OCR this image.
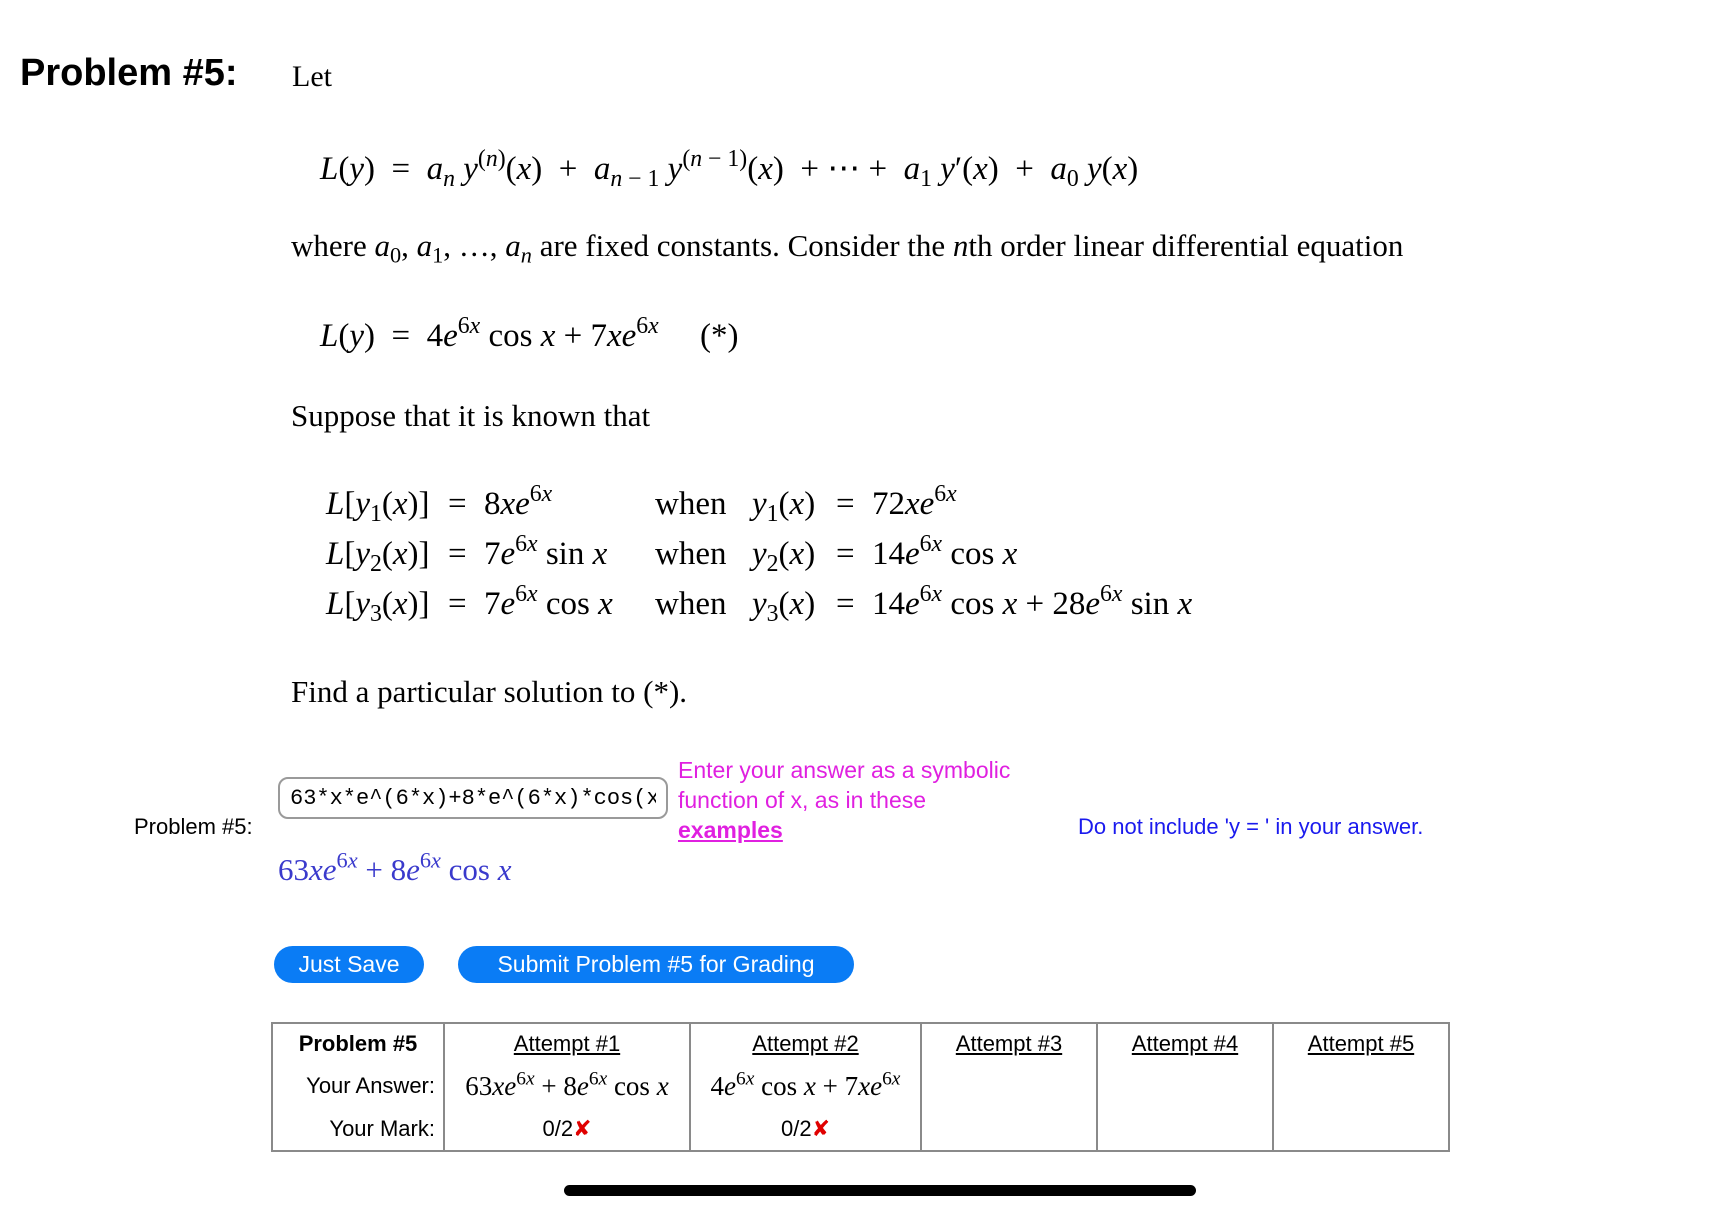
Problem #5: Let
$L(y) = a_n$ $y^{(n)}(x) + a_n$ $_{- 1}$ $y^{(n - 1)}(x)$  + ⋯ +  $a_1$ $y'(x) + a_0$ y(x)
where $a_0$, $a_1$, …, $a_n$ are fixed constants. Consider the nth order linear differential equation
$L(y) = 4e^{6x}$ $\cos x + 7xe^{6x}$ (*)
Suppose that it is known that
$L[y_1(x)] = 8xe^{6x}$	when $y_1(x) = 72xe^{6x}$
$L[y_2(x)] = 7e^{6x}$ sin x when $y_2(x) = 14e^{6x}$ cos x
$L[y_3(x)] = 7e^{6x}$ cos x when $y_3(x) = 14e^{6x}$ $\cos x + 28e^{6x}$ sin x
Find a particular solution to (*).
Problem #5:
63*x*e^(6*x)+8*e^(6*x)*cos(x)
Enter your answer as a symbolic
function of x, as in these
examples	Do not include 'y = ' in your answer.
$63xe^{6x} + 8e^{6x}$ cos x
Just Save	Submit Problem #5 for Grading
Problem #5	Attempt #1	Attempt #2	Attempt #3	Attempt #4	Attempt #5
Your Answer:	$63xe^{6x} + 8e^{6x}$ cos x	$4e^{6x}$ $\cos x + 7xe^{6x}$			
Your Mark:	0/2✘	0/2✘			
